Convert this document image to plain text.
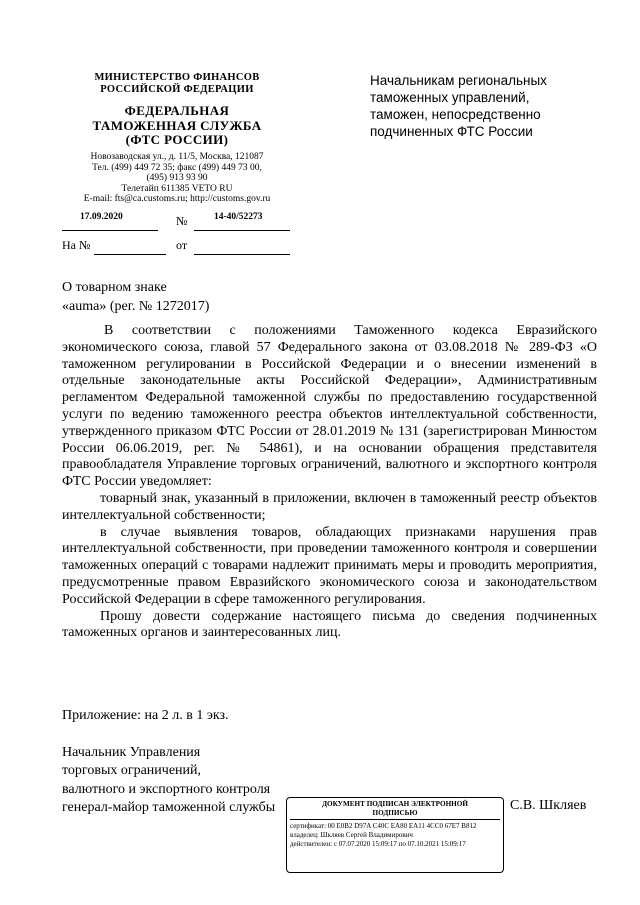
МИНИСТЕРСТВО ФИНАНСОВ
РОССИЙСКОЙ ФЕДЕРАЦИИ
ФЕДЕРАЛЬНАЯ
ТАМОЖЕННАЯ СЛУЖБА
(ФТС РОССИИ)
Новозаводская ул., д. 11/5, Москва, 121087
Тел. (499) 449 72 35; факс (499) 449 73 00,
(495) 913 93 90
Телетайп 611385 VETO RU
E-mail: fts@ca.customs.ru; http://customs.gov.ru
17.09.2020	№	14-40/52273
На №	от
Начальникам региональных
таможенных управлений,
таможен, непосредственно
подчиненных ФТС России
О товарном знаке
«auma» (рег. № 1272017)

В соответствии с положениями Таможенного кодекса Евразийского экономического союза, главой 57 Федерального закона от 03.08.2018 № 289-ФЗ «О таможенном регулировании в Российской Федерации и о внесении изменений в отдельные законодательные акты Российской Федерации», Административным регламентом Федеральной таможенной службы по предоставлению государственной услуги по ведению таможенного реестра объектов интеллектуальной собственности, утвержденного приказом ФТС России от 28.01.2019 № 131 (зарегистрирован Минюстом России 06.06.2019, рег. № 54861), и на основании обращения представителя правообладателя Управление торговых ограничений, валютного и экспортного контроля ФТС России уведомляет:

товарный знак, указанный в приложении, включен в таможенный реестр объектов интеллектуальной собственности;

в случае выявления товаров, обладающих признаками нарушения прав интеллектуальной собственности, при проведении таможенного контроля и совершении таможенных операций с товарами надлежит принимать меры и проводить мероприятия, предусмотренные правом Евразийского экономического союза и законодательством Российской Федерации в сфере таможенного регулирования.

Прошу довести содержание настоящего письма до сведения подчиненных таможенных органов и заинтересованных лиц.

Приложение: на 2 л. в 1 экз.
Начальник Управления
торговых ограничений,
валютного и экспортного контроля
генерал-майор таможенной службы	С.В. Шкляев
ДОКУМЕНТ ПОДПИСАН ЭЛЕКТРОННОЙ
ПОДПИСЬЮ
сертификат: 00 E0B2 D97A C40C EA80 EA11 4CC0 67E7 B812
владелец: Шкляев Сергей Владимирович
действителен: с 07.07.2020 15:09:17 по 07.10.2021 15:09:17
